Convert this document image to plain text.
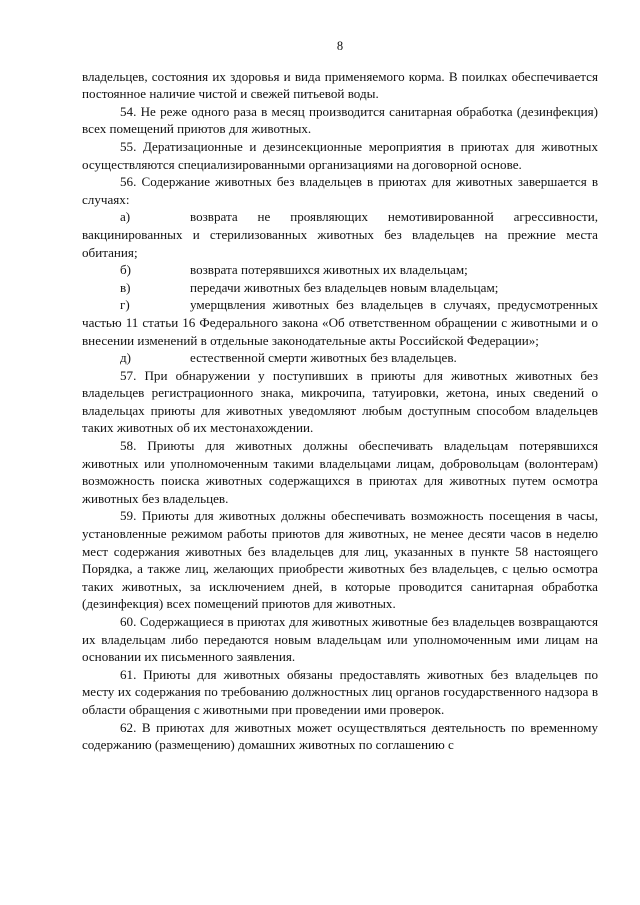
8

владельцев, состояния их здоровья и вида применяемого корма. В поилках обеспечивается постоянное наличие чистой и свежей питьевой воды.

54. Не реже одного раза в месяц производится санитарная обработка (дезинфекция) всех помещений приютов для животных.

55. Дератизационные и дезинсекционные мероприятия в приютах для животных осуществляются специализированными организациями на договорной основе.

56. Содержание животных без владельцев в приютах для животных завершается в случаях:

а)	возврата не проявляющих немотивированной агрессивности, вакцинированных и стерилизованных животных без владельцев на прежние места обитания;

б)	возврата потерявшихся животных их владельцам;

в)	передачи животных без владельцев новым владельцам;

г)	умерщвления животных без владельцев в случаях, предусмотренных частью 11 статьи 16 Федерального закона «Об ответственном обращении с животными и о внесении изменений в отдельные законодательные акты Российской Федерации»;

д)	естественной смерти животных без владельцев.

57. При обнаружении у поступивших в приюты для животных животных без владельцев регистрационного знака, микрочипа, татуировки, жетона, иных сведений о владельцах приюты для животных уведомляют любым доступным способом владельцев таких животных об их местонахождении.

58. Приюты для животных должны обеспечивать владельцам потерявшихся животных или уполномоченным такими владельцами лицам, добровольцам (волонтерам) возможность поиска животных содержащихся в приютах для животных путем осмотра животных без владельцев.

59. Приюты для животных должны обеспечивать возможность посещения в часы, установленные режимом работы приютов для животных, не менее десяти часов в неделю мест содержания животных без владельцев для лиц, указанных в пункте 58 настоящего Порядка, а также лиц, желающих приобрести животных без владельцев, с целью осмотра таких животных, за исключением дней, в которые проводится санитарная обработка (дезинфекция) всех помещений приютов для животных.

60. Содержащиеся в приютах для животных животные без владельцев возвращаются их владельцам либо передаются новым владельцам или уполномоченным ими лицам на основании их письменного заявления.

61. Приюты для животных обязаны предоставлять животных без владельцев по месту их содержания по требованию должностных лиц органов государственного надзора в области обращения с животными при проведении ими проверок.

62. В приютах для животных может осуществляться деятельность по временному содержанию (размещению) домашних животных по соглашению с
